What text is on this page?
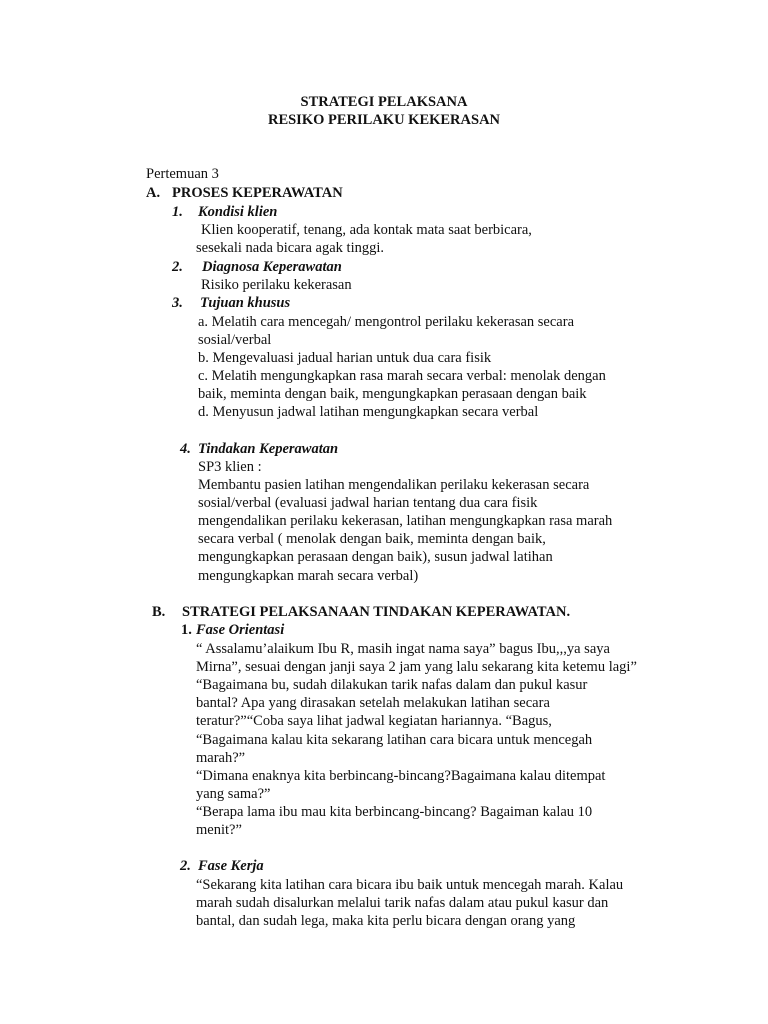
STRATEGI PELAKSANA
RESIKO PERILAKU KEKERASAN
Pertemuan 3
A. PROSES KEPERAWATAN
1. Kondisi klien
Klien kooperatif, tenang, ada kontak mata saat berbicara,
sesekali nada bicara agak tinggi.
2. Diagnosa Keperawatan
Risiko perilaku kekerasan
3. Tujuan khusus
a. Melatih cara mencegah/ mengontrol perilaku kekerasan secara
sosial/verbal
b. Mengevaluasi jadual harian untuk dua cara fisik
c. Melatih mengungkapkan rasa marah secara verbal: menolak dengan
baik, meminta dengan baik, mengungkapkan perasaan dengan baik
d. Menyusun jadwal latihan mengungkapkan secara verbal
4. Tindakan Keperawatan
SP3 klien :
Membantu pasien latihan mengendalikan perilaku kekerasan secara
sosial/verbal (evaluasi jadwal harian tentang dua cara fisik
mengendalikan perilaku kekerasan, latihan mengungkapkan rasa marah
secara verbal ( menolak dengan baik, meminta dengan baik,
mengungkapkan perasaan dengan baik), susun jadwal latihan
mengungkapkan marah secara verbal)
B. STRATEGI PELAKSANAAN TINDAKAN KEPERAWATAN.
1. Fase Orientasi
“ Assalamu’alaikum Ibu R, masih ingat nama saya” bagus Ibu,,,ya saya
Mirna”, sesuai dengan janji saya 2 jam yang lalu sekarang kita ketemu lagi”
“Bagaimana bu, sudah dilakukan tarik nafas dalam dan pukul kasur
bantal? Apa yang dirasakan setelah melakukan latihan secara
teratur?”“Coba saya lihat jadwal kegiatan hariannya. “Bagus,
“Bagaimana kalau kita sekarang latihan cara bicara untuk mencegah
marah?”
“Dimana enaknya kita berbincang-bincang?Bagaimana kalau ditempat
yang sama?”
“Berapa lama ibu mau kita berbincang-bincang? Bagaiman kalau 10
menit?”
2. Fase Kerja
“Sekarang kita latihan cara bicara ibu baik untuk mencegah marah. Kalau
marah sudah disalurkan melalui tarik nafas dalam atau pukul kasur dan
bantal, dan sudah lega, maka kita perlu bicara dengan orang yang
